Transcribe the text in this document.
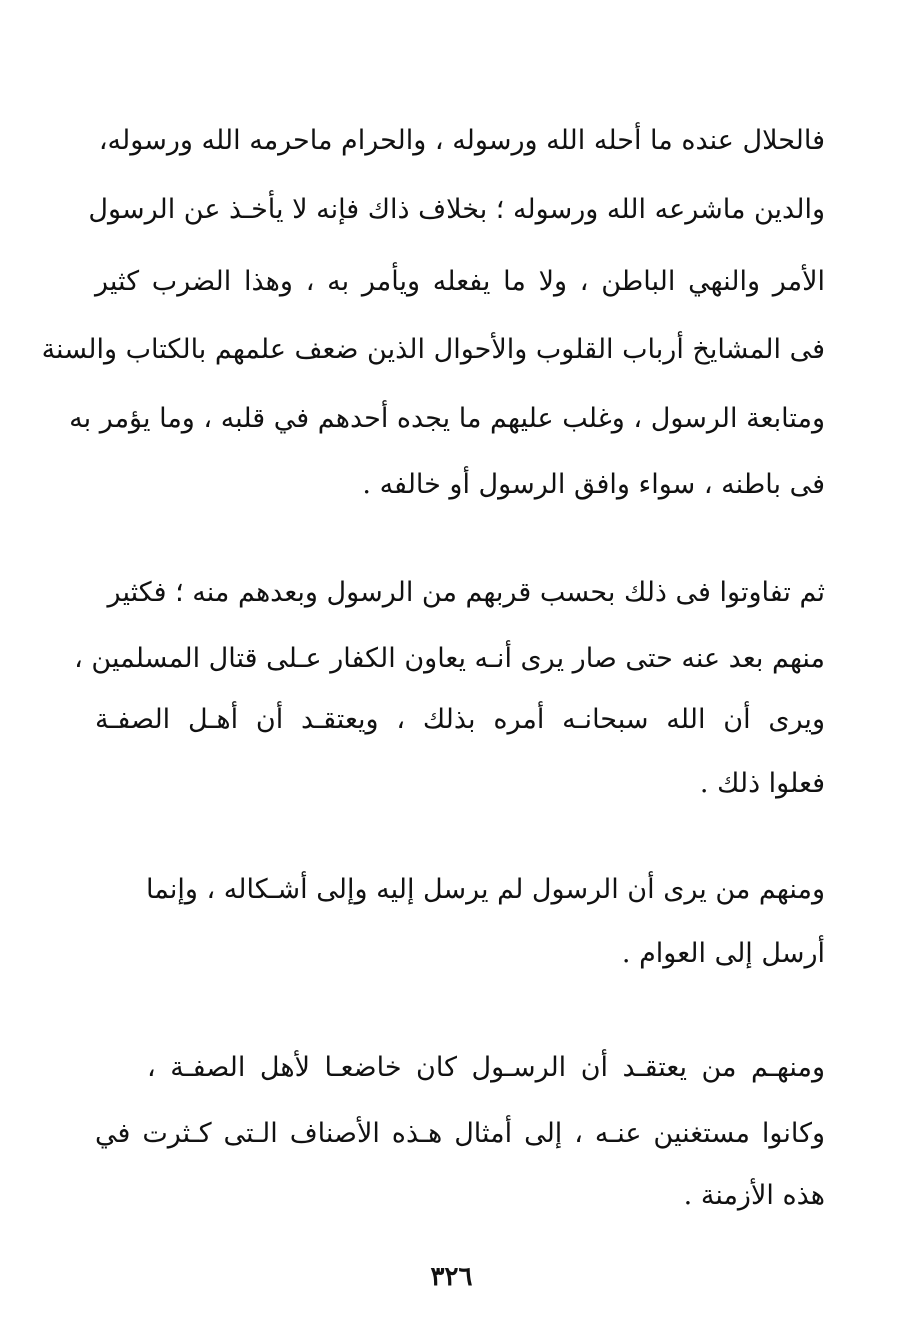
فالحلال عنده ما أحله الله ورسوله ، والحرام ماحرمه الله ورسوله،
والدين ماشرعه الله ورسوله ؛ بخلاف ذاك فإنه لا يأخـذ عن الرسول
الأمر والنهي الباطن ، ولا ما يفعله ويأمر به ، وهذا الضرب كثير
فى المشايخ أرباب القلوب والأحوال الذين ضعف علمهم بالكتاب والسنة
ومتابعة الرسول ، وغلب عليهم ما يجده أحدهم في قلبه ، وما يؤمر به
فى باطنه ، سواء وافق الرسول أو خالفه .
ثم تفاوتوا فى ذلك بحسب قربهم من الرسول وبعدهم منه ؛ فكثير
منهم بعد عنه حتى صار يرى أنـه يعاون الكفار عـلى قتال المسلمين ،
ويرى أن الله سبحانـه أمره بذلك ، ويعتقـد أن أهـل الصفـة
فعلوا ذلك .
ومنهم من يرى أن الرسول لم يرسل إليه وإلى أشـكاله ، وإنما
أرسل إلى العوام .
ومنهـم من يعتقـد أن الرسـول كان خاضعـا لأهل الصفـة ،
وكانوا مستغنين عنـه ، إلى أمثال هـذه الأصناف الـتى كـثرت في
هذه الأزمنة .
٣٢٦
